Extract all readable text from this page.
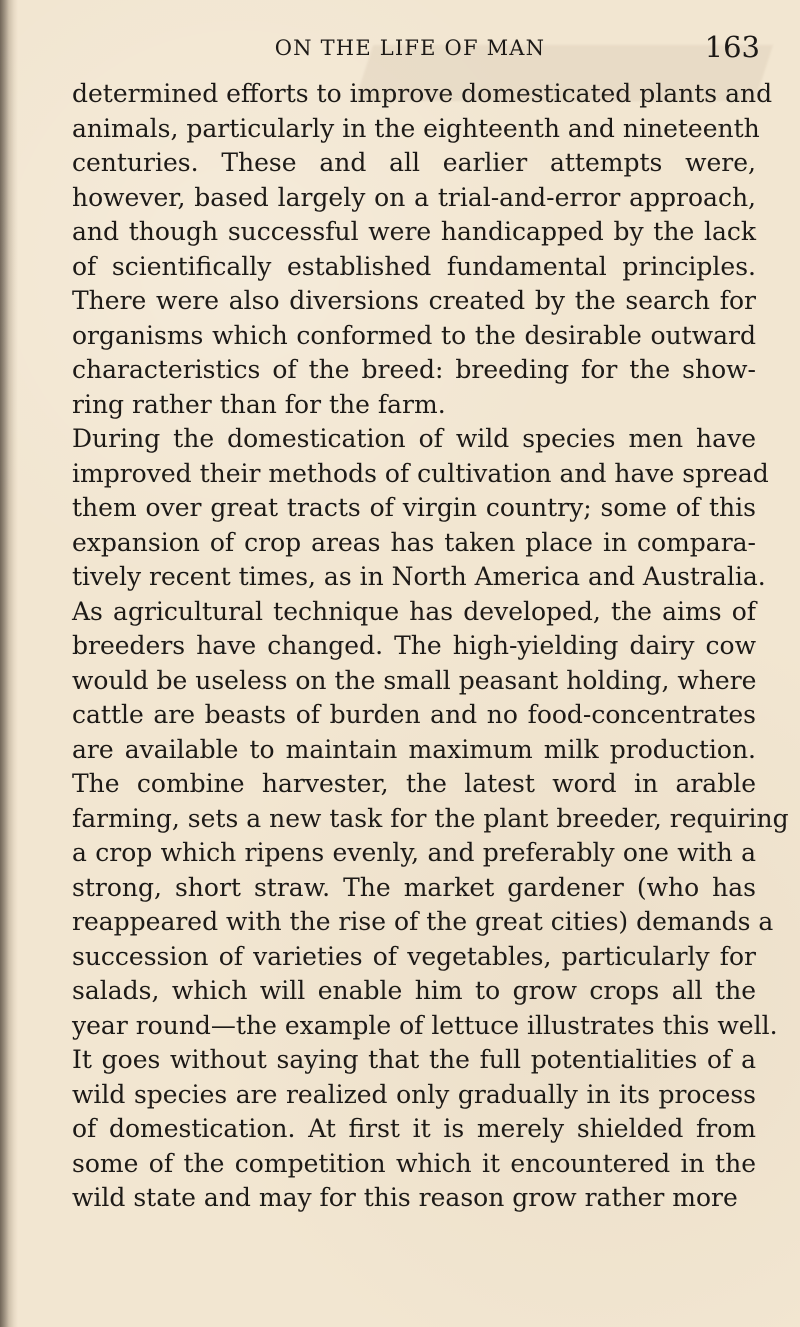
ON THE LIFE OF MAN	163
determined efforts to improve domesticated plants and
animals, particularly in the eighteenth and nineteenth
centuries. These and all earlier attempts were,
however, based largely on a trial-and-error approach,
and though successful were handicapped by the lack
of scientifically established fundamental principles.
There were also diversions created by the search for
organisms which conformed to the desirable outward
characteristics of the breed: breeding for the show-
ring rather than for the farm.
During the domestication of wild species men have
improved their methods of cultivation and have spread
them over great tracts of virgin country; some of this
expansion of crop areas has taken place in compara-
tively recent times, as in North America and Australia.
As agricultural technique has developed, the aims of
breeders have changed. The high-yielding dairy cow
would be useless on the small peasant holding, where
cattle are beasts of burden and no food-concentrates
are available to maintain maximum milk production.
The combine harvester, the latest word in arable
farming, sets a new task for the plant breeder, requiring
a crop which ripens evenly, and preferably one with a
strong, short straw. The market gardener (who has
reappeared with the rise of the great cities) demands a
succession of varieties of vegetables, particularly for
salads, which will enable him to grow crops all the
year round—the example of lettuce illustrates this well.
It goes without saying that the full potentialities of a
wild species are realized only gradually in its process
of domestication. At first it is merely shielded from
some of the competition which it encountered in the
wild state and may for this reason grow rather more
